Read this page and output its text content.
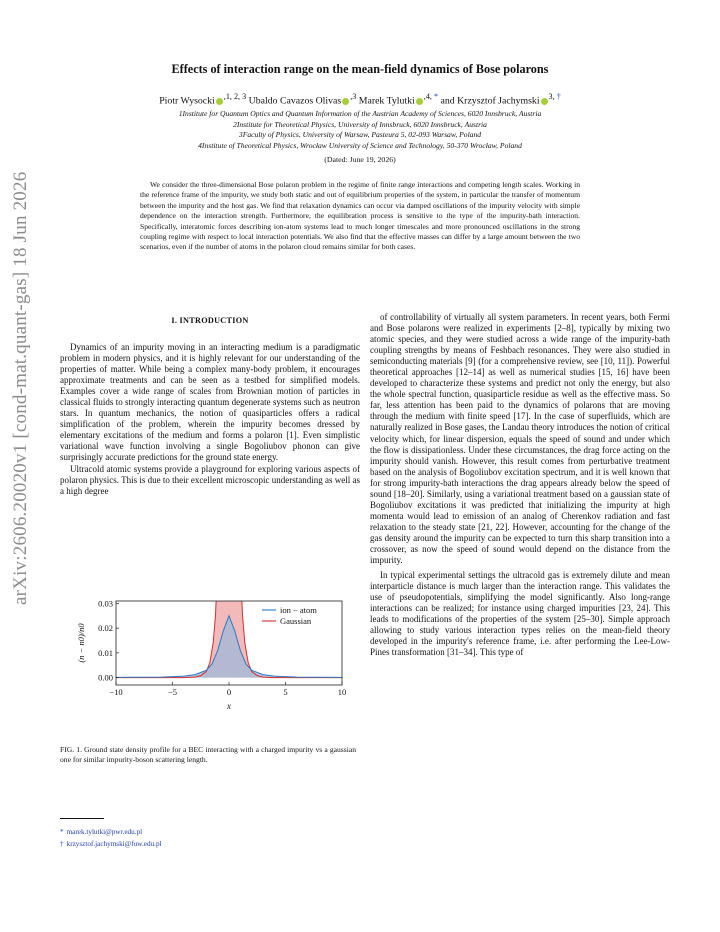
arXiv:2606.20020v1 [cond-mat.quant-gas] 18 Jun 2026
Effects of interaction range on the mean-field dynamics of Bose polarons
Piotr Wysocki $^{,1, 2, 3}$ Ubaldo Cavazos Olivas $^{,3}$ Marek Tylutki $^{,4, *}$ and Krzysztof Jachymski $^{3, \dagger}$
1Institute for Quantum Optics and Quantum Information of the Austrian Academy of Sciences, 6020 Innsbruck, Austria
2Institute for Theoretical Physics, University of Innsbruck, 6020 Innsbruck, Austria
3Faculty of Physics, University of Warsaw, Pasteura 5, 02-093 Warsaw, Poland
4Institute of Theoretical Physics, Wrocław University of Science and Technology, 50-370 Wrocław, Poland
(Dated: June 19, 2026)
We consider the three-dimensional Bose polaron problem in the regime of finite range interactions and competing length scales. Working in the reference frame of the impurity, we study both static and out of equilibrium properties of the system, in particular the transfer of momentum between the impurity and the host gas. We find that relaxation dynamics can occur via damped oscillations of the impurity velocity with simple dependence on the interaction strength. Furthermore, the equilibration process is sensitive to the type of the impurity-bath interaction. Specifically, interatomic forces describing ion-atom systems lead to much longer timescales and more pronounced oscillations in the strong coupling regime with respect to local interaction potentials. We also find that the effective masses can differ by a large amount between the two scenarios, even if the number of atoms in the polaron cloud remains similar for both cases.
I. INTRODUCTION

Dynamics of an impurity moving in an interacting medium is a paradigmatic problem in modern physics, and it is highly relevant for our understanding of the properties of matter. While being a complex many-body problem, it encourages approximate treatments and can be seen as a testbed for simplified models. Examples cover a wide range of scales from Brownian motion of particles in classical fluids to strongly interacting quantum degenerate systems such as neutron stars. In quantum mechanics, the notion of quasiparticles offers a radical simplification of the problem, wherein the impurity becomes dressed by elementary excitations of the medium and forms a polaron [1]. Even simplistic variational wave function involving a single Bogoliubov phonon can give surprisingly accurate predictions for the ground state energy.

Ultracold atomic systems provide a playground for exploring various aspects of polaron physics. This is due to their excellent microscopic understanding as well as a high degree

of controllability of virtually all system parameters. In recent years, both Fermi and Bose polarons were realized in experiments [2–8], typically by mixing two atomic species, and they were studied across a wide range of the impurity-bath coupling strengths by means of Feshbach resonances. They were also studied in semiconducting materials [9] (for a comprehensive review, see [10, 11]). Powerful theoretical approaches [12–14] as well as numerical studies [15, 16] have been developed to characterize these systems and predict not only the energy, but also the whole spectral function, quasiparticle residue as well as the effective mass. So far, less attention has been paid to the dynamics of polarons that are moving through the medium with finite speed [17]. In the case of superfluids, which are naturally realized in Bose gases, the Landau theory introduces the notion of critical velocity which, for linear dispersion, equals the speed of sound and under which the flow is dissipationless. Under these circumstances, the drag force acting on the impurity should vanish. However, this result comes from perturbative treatment based on the analysis of Bogoliubov excitation spectrum, and it is well known that for strong impurity-bath interactions the drag appears already below the speed of sound [18–20]. Similarly, using a variational treatment based on a gaussian state of Bogoliubov excitations it was predicted that initializing the impurity at high momenta would lead to emission of an analog of Cherenkov radiation and fast relaxation to the steady state [21, 22]. However, accounting for the change of the gas density around the impurity can be expected to turn this sharp transition into a crossover, as now the speed of sound would depend on the distance from the impurity.

In typical experimental settings the ultracold gas is extremely dilute and mean interparticle distance is much larger than the interaction range. This validates the use of pseudopotentials, simplifying the model significantly. Also long-range interactions can be realized; for instance using charged impurities [23, 24]. This leads to modifications of the properties of the system [25–30]. Simple approach allowing to study various interaction types relies on the mean-field theory developed in the impurity's reference frame, i.e. after performing the Lee-Low-Pines transformation [31–34]. This type of

−10	−5	0	5	10
0.00
0.01
0.02
0.03
x
(n − n0)/n0
ion − atom
Gaussian
FIG. 1. Ground state density profile for a BEC interacting with a charged impurity vs a gaussian one for similar impurity-boson scattering length.
* marek.tylutki@pwr.edu.pl
† krzysztof.jachymski@fuw.edu.pl
